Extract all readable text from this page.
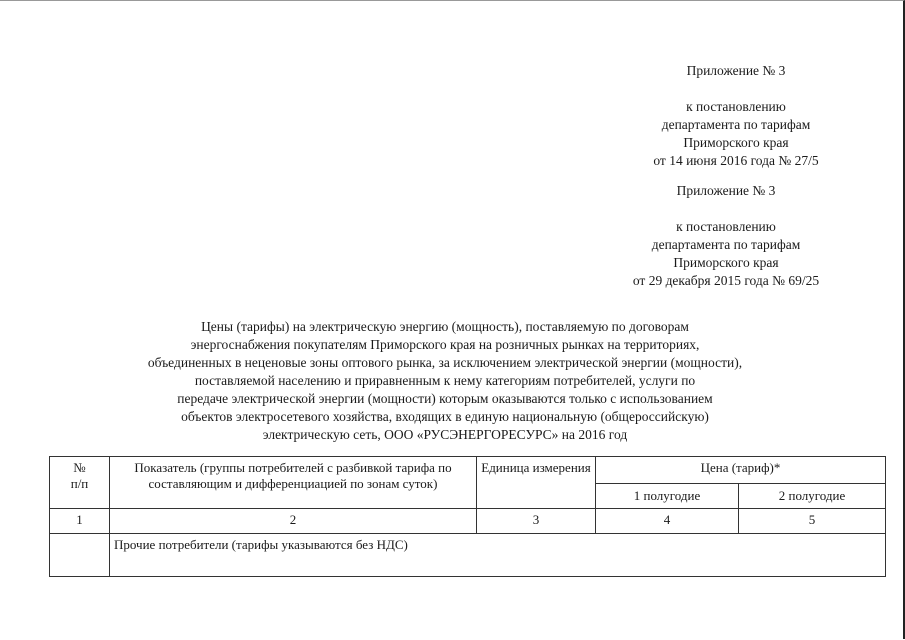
Приложение № 3
к постановлению
департамента по тарифам
Приморского края
от 14 июня 2016 года № 27/5
Приложение № 3
к постановлению
департамента по тарифам
Приморского края
от 29 декабря 2015 года № 69/25
Цены (тарифы) на электрическую энергию (мощность), поставляемую по договорам
энергоснабжения покупателям Приморского края на розничных рынках на территориях,
объединенных в неценовые зоны оптового рынка, за исключением электрической энергии (мощности),
поставляемой населению и приравненным к нему категориям потребителей, услуги по
передаче электрической энергии (мощности) которым оказываются только с использованием
объектов электросетевого хозяйства, входящих в единую национальную (общероссийскую)
электрическую сеть, ООО «РУСЭНЕРГОРЕСУРС» на 2016 год
№
п/п	Показатель (группы потребителей с разбивкой тарифа по составляющим и дифференциацией по зонам суток)	Единица измерения	Цена (тариф)*	
			1 полугодие	2 полугодие
1	2	3	4	5
	Прочие потребители (тарифы указываются без НДС)			
